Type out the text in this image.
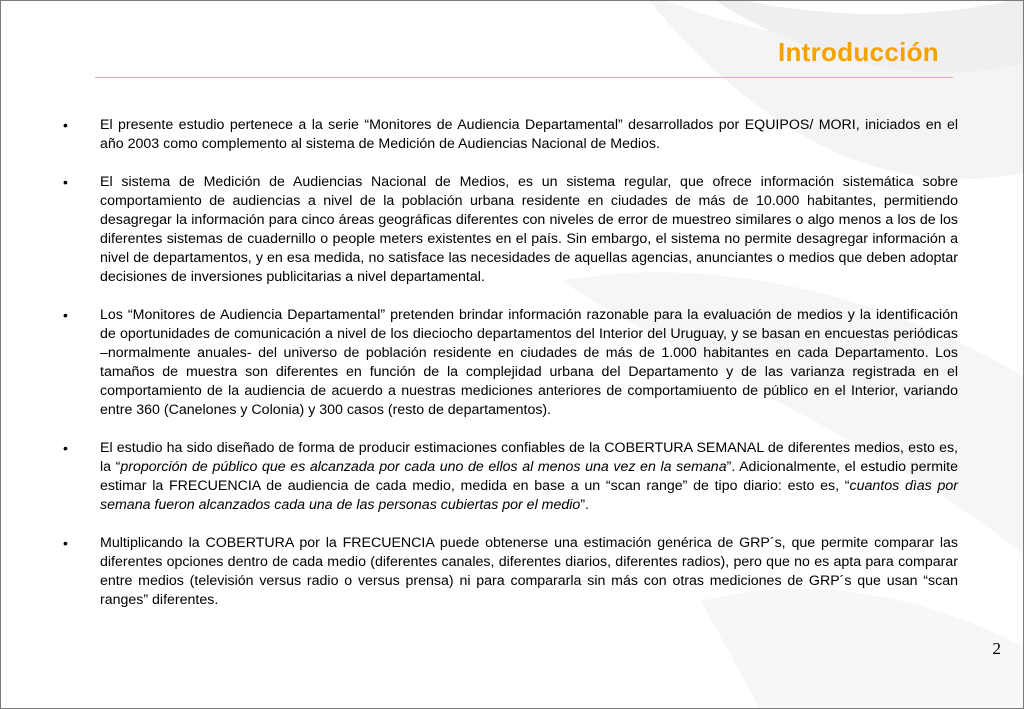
Introducción
•	El presente estudio pertenece a la serie “Monitores de Audiencia Departamental” desarrollados por EQUIPOS/ MORI, iniciados en el año 2003 como complemento al sistema de Medición de Audiencias Nacional de Medios.
•	El sistema de Medición de Audiencias Nacional de Medios, es un sistema regular, que ofrece información sistemática sobre comportamiento de audiencias a nivel de la población urbana residente en ciudades de más de 10.000 habitantes, permitiendo desagregar la información para cinco áreas geográficas diferentes con niveles de error de muestreo similares o algo menos a los de los diferentes sistemas de cuadernillo o people meters existentes en el país. Sin embargo, el sistema no permite desagregar información a nivel de departamentos, y en esa medida, no satisface las necesidades de aquellas agencias, anunciantes o medios que deben adoptar decisiones de inversiones publicitarias a nivel departamental.
•	Los “Monitores de Audiencia Departamental” pretenden brindar información razonable para la evaluación de medios y la identificación de oportunidades de comunicación a nivel de los dieciocho departamentos del Interior del Uruguay, y se basan en encuestas periódicas –normalmente anuales- del universo de población residente en ciudades de más de 1.000 habitantes en cada Departamento. Los tamaños de muestra son diferentes en función de la complejidad urbana del Departamento y de las varianza registrada en el comportamiento de la audiencia de acuerdo a nuestras mediciones anteriores de comportamiuento de público en el Interior, variando entre 360 (Canelones y Colonia) y 300 casos (resto de departamentos).
•	El estudio ha sido diseñado de forma de producir estimaciones confiables de la COBERTURA SEMANAL de diferentes medios, esto es, la “proporción de público que es alcanzada por cada uno de ellos al menos una vez en la semana”. Adicionalmente, el estudio permite estimar la FRECUENCIA de audiencia de cada medio, medida en base a un “scan range” de tipo diario: esto es, “cuantos dìas por semana fueron alcanzados cada una de las personas cubiertas por el medio”.
•	Multiplicando la COBERTURA por la FRECUENCIA puede obtenerse una estimación genérica de GRP´s, que permite comparar las diferentes opciones dentro de cada medio (diferentes canales, diferentes diarios, diferentes radios), pero que no es apta para comparar entre medios (televisión versus radio o versus prensa) ni para compararla sin más con otras mediciones de GRP´s que usan “scan ranges” diferentes.
2
